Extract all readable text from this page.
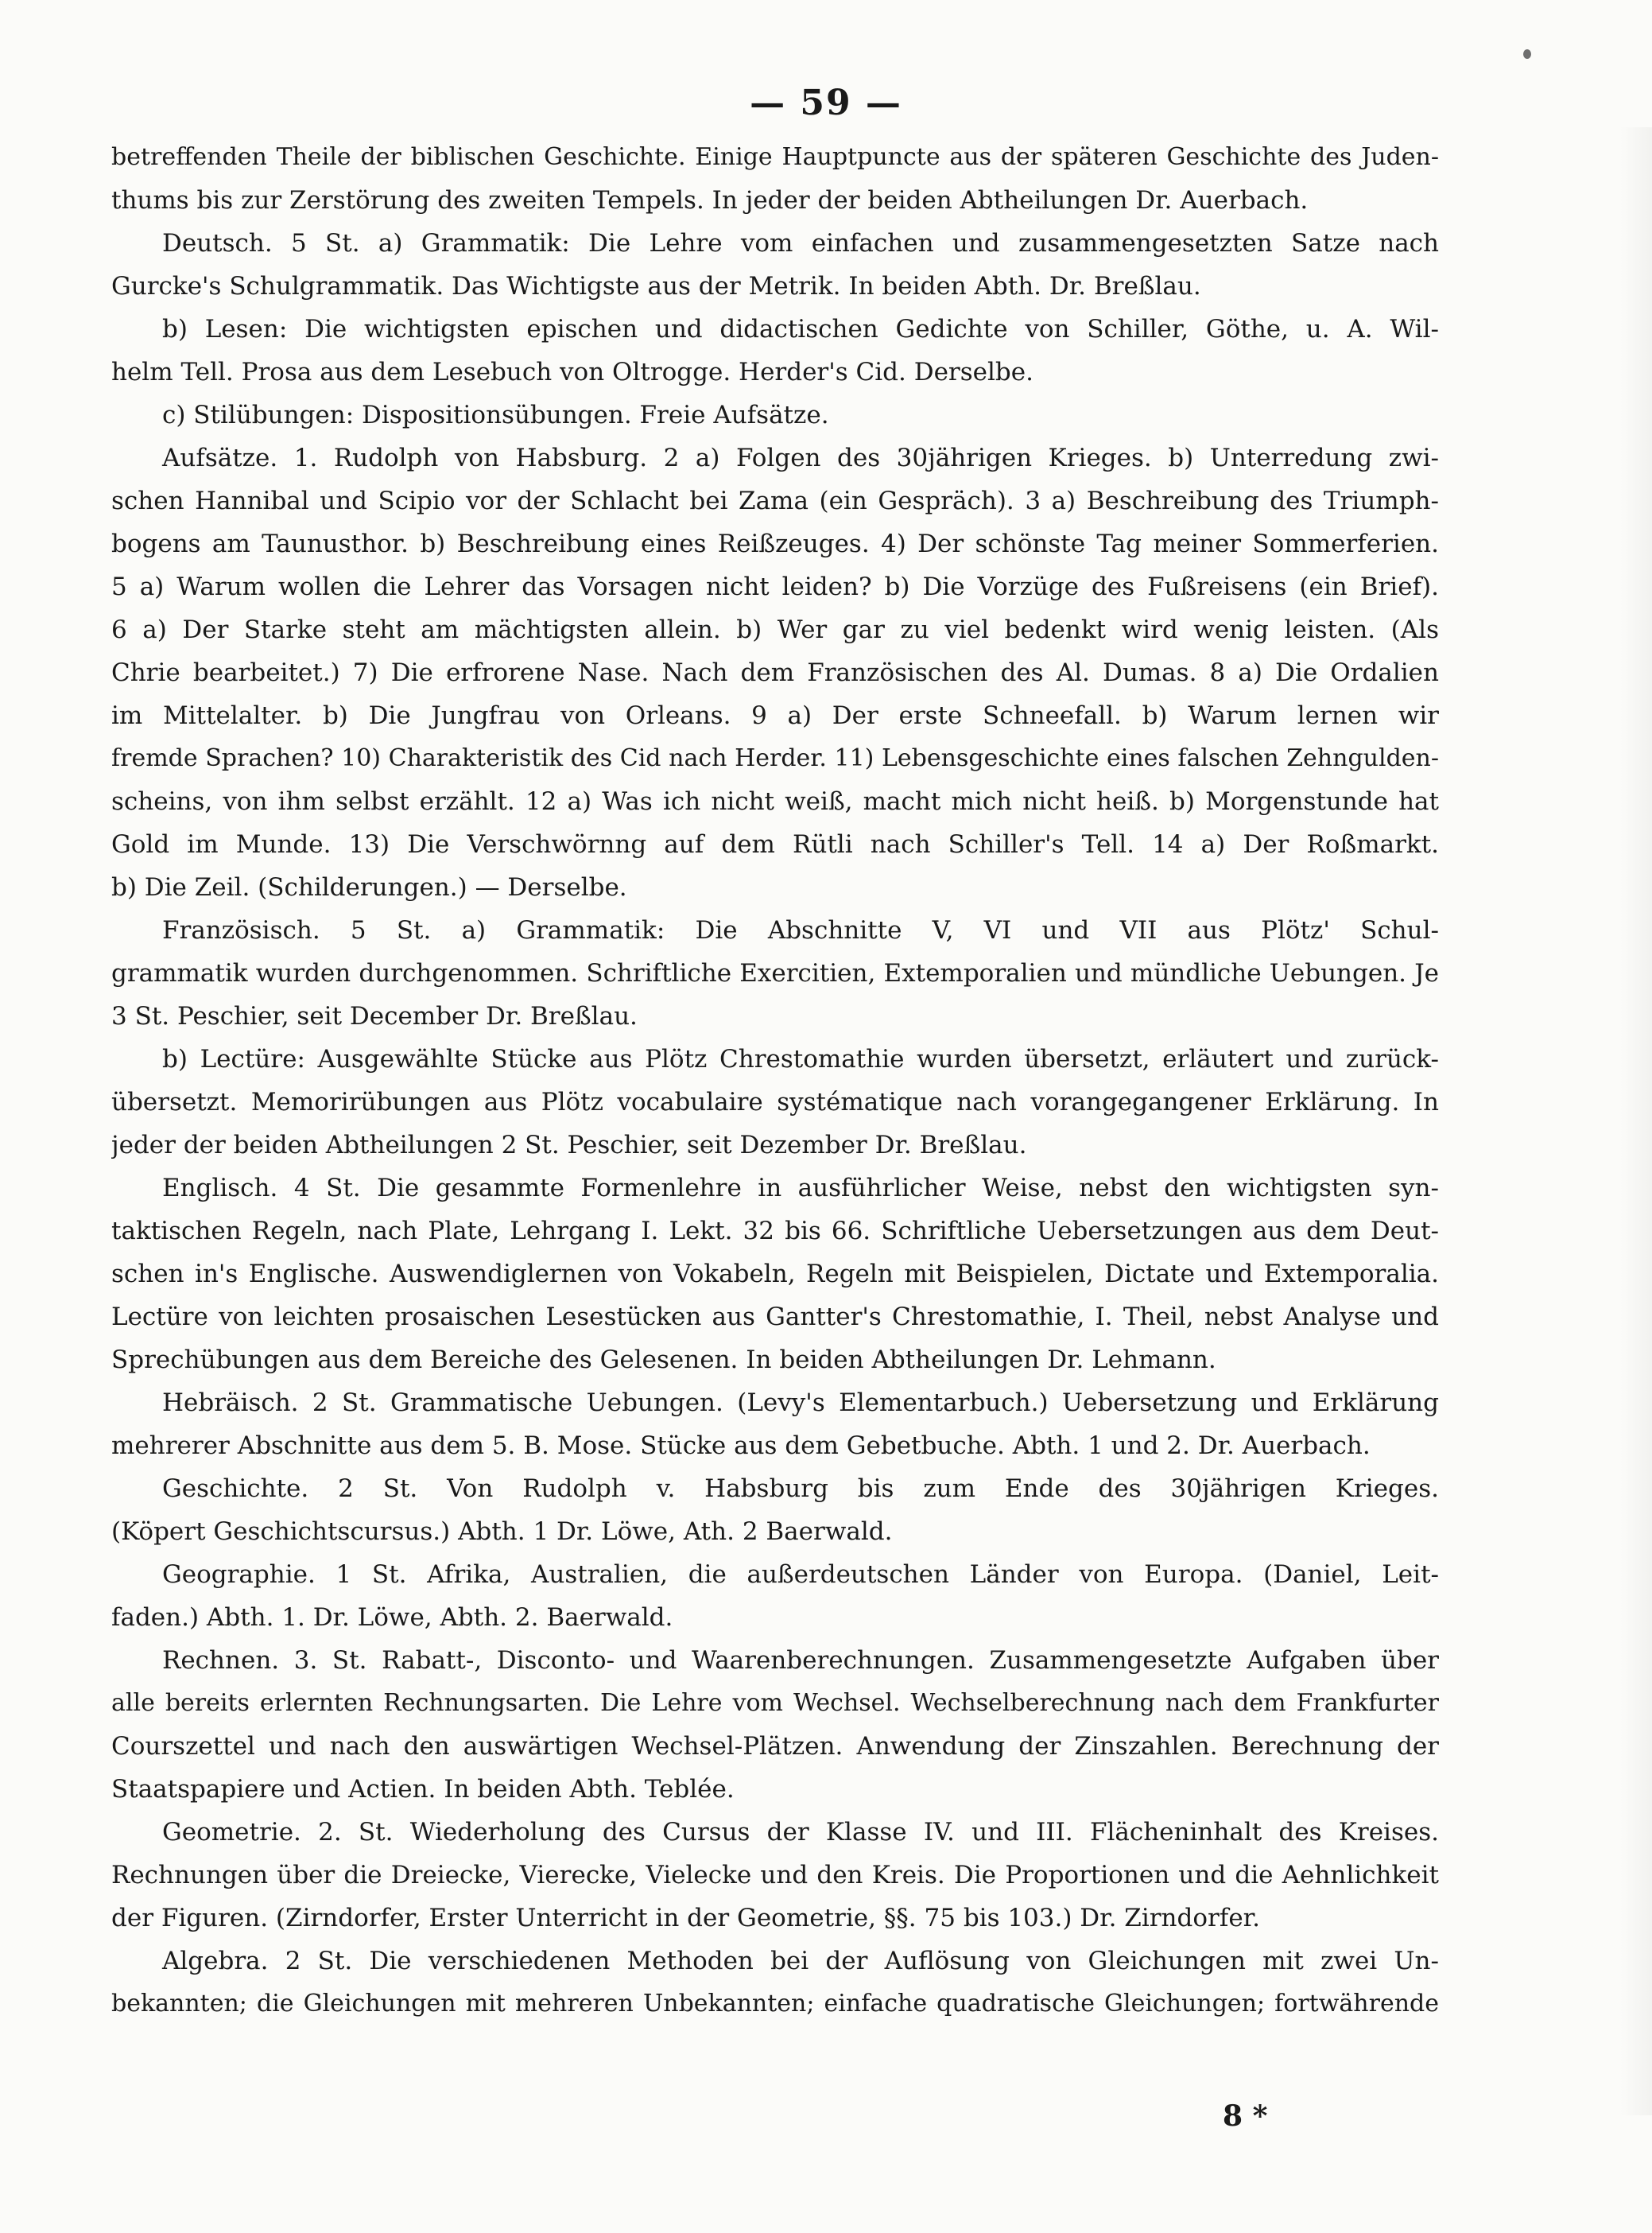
— 59 —
betreffenden Theile der biblischen Geschichte. Einige Hauptpuncte aus der späteren Geschichte des Juden-
thums bis zur Zerstörung des zweiten Tempels. In jeder der beiden Abtheilungen Dr. Auerbach.
Deutsch. 5 St. a) Grammatik: Die Lehre vom einfachen und zusammengesetzten Satze nach
Gurcke's Schulgrammatik. Das Wichtigste aus der Metrik. In beiden Abth. Dr. Breßlau.
b) Lesen: Die wichtigsten epischen und didactischen Gedichte von Schiller, Göthe, u. A. Wil-
helm Tell. Prosa aus dem Lesebuch von Oltrogge. Herder's Cid. Derselbe.
c) Stilübungen: Dispositionsübungen. Freie Aufsätze.
Aufsätze. 1. Rudolph von Habsburg. 2 a) Folgen des 30jährigen Krieges. b) Unterredung zwi-
schen Hannibal und Scipio vor der Schlacht bei Zama (ein Gespräch). 3 a) Beschreibung des Triumph-
bogens am Taunusthor. b) Beschreibung eines Reißzeuges. 4) Der schönste Tag meiner Sommerferien.
5 a) Warum wollen die Lehrer das Vorsagen nicht leiden? b) Die Vorzüge des Fußreisens (ein Brief).
6 a) Der Starke steht am mächtigsten allein. b) Wer gar zu viel bedenkt wird wenig leisten. (Als
Chrie bearbeitet.) 7) Die erfrorene Nase. Nach dem Französischen des Al. Dumas. 8 a) Die Ordalien
im Mittelalter. b) Die Jungfrau von Orleans. 9 a) Der erste Schneefall. b) Warum lernen wir
fremde Sprachen? 10) Charakteristik des Cid nach Herder. 11) Lebensgeschichte eines falschen Zehngulden-
scheins, von ihm selbst erzählt. 12 a) Was ich nicht weiß, macht mich nicht heiß. b) Morgenstunde hat
Gold im Munde. 13) Die Verschwörnng auf dem Rütli nach Schiller's Tell. 14 a) Der Roßmarkt.
b) Die Zeil. (Schilderungen.) — Derselbe.
Französisch. 5 St. a) Grammatik: Die Abschnitte V, VI und VII aus Plötz' Schul-
grammatik wurden durchgenommen. Schriftliche Exercitien, Extemporalien und mündliche Uebungen. Je
3 St. Peschier, seit December Dr. Breßlau.
b) Lectüre: Ausgewählte Stücke aus Plötz Chrestomathie wurden übersetzt, erläutert und zurück-
übersetzt. Memorirübungen aus Plötz vocabulaire systématique nach vorangegangener Erklärung. In
jeder der beiden Abtheilungen 2 St. Peschier, seit Dezember Dr. Breßlau.
Englisch. 4 St. Die gesammte Formenlehre in ausführlicher Weise, nebst den wichtigsten syn-
taktischen Regeln, nach Plate, Lehrgang I. Lekt. 32 bis 66. Schriftliche Uebersetzungen aus dem Deut-
schen in's Englische. Auswendiglernen von Vokabeln, Regeln mit Beispielen, Dictate und Extemporalia.
Lectüre von leichten prosaischen Lesestücken aus Gantter's Chrestomathie, I. Theil, nebst Analyse und
Sprechübungen aus dem Bereiche des Gelesenen. In beiden Abtheilungen Dr. Lehmann.
Hebräisch. 2 St. Grammatische Uebungen. (Levy's Elementarbuch.) Uebersetzung und Erklärung
mehrerer Abschnitte aus dem 5. B. Mose. Stücke aus dem Gebetbuche. Abth. 1 und 2. Dr. Auerbach.
Geschichte. 2 St. Von Rudolph v. Habsburg bis zum Ende des 30jährigen Krieges.
(Köpert Geschichtscursus.) Abth. 1 Dr. Löwe, Ath. 2 Baerwald.
Geographie. 1 St. Afrika, Australien, die außerdeutschen Länder von Europa. (Daniel, Leit-
faden.) Abth. 1. Dr. Löwe, Abth. 2. Baerwald.
Rechnen. 3. St. Rabatt-, Disconto- und Waarenberechnungen. Zusammengesetzte Aufgaben über
alle bereits erlernten Rechnungsarten. Die Lehre vom Wechsel. Wechselberechnung nach dem Frankfurter
Courszettel und nach den auswärtigen Wechsel-Plätzen. Anwendung der Zinszahlen. Berechnung der
Staatspapiere und Actien. In beiden Abth. Teblée.
Geometrie. 2. St. Wiederholung des Cursus der Klasse IV. und III. Flächeninhalt des Kreises.
Rechnungen über die Dreiecke, Vierecke, Vielecke und den Kreis. Die Proportionen und die Aehnlichkeit
der Figuren. (Zirndorfer, Erster Unterricht in der Geometrie, §§. 75 bis 103.) Dr. Zirndorfer.
Algebra. 2 St. Die verschiedenen Methoden bei der Auflösung von Gleichungen mit zwei Un-
bekannten; die Gleichungen mit mehreren Unbekannten; einfache quadratische Gleichungen; fortwährende
8 *
